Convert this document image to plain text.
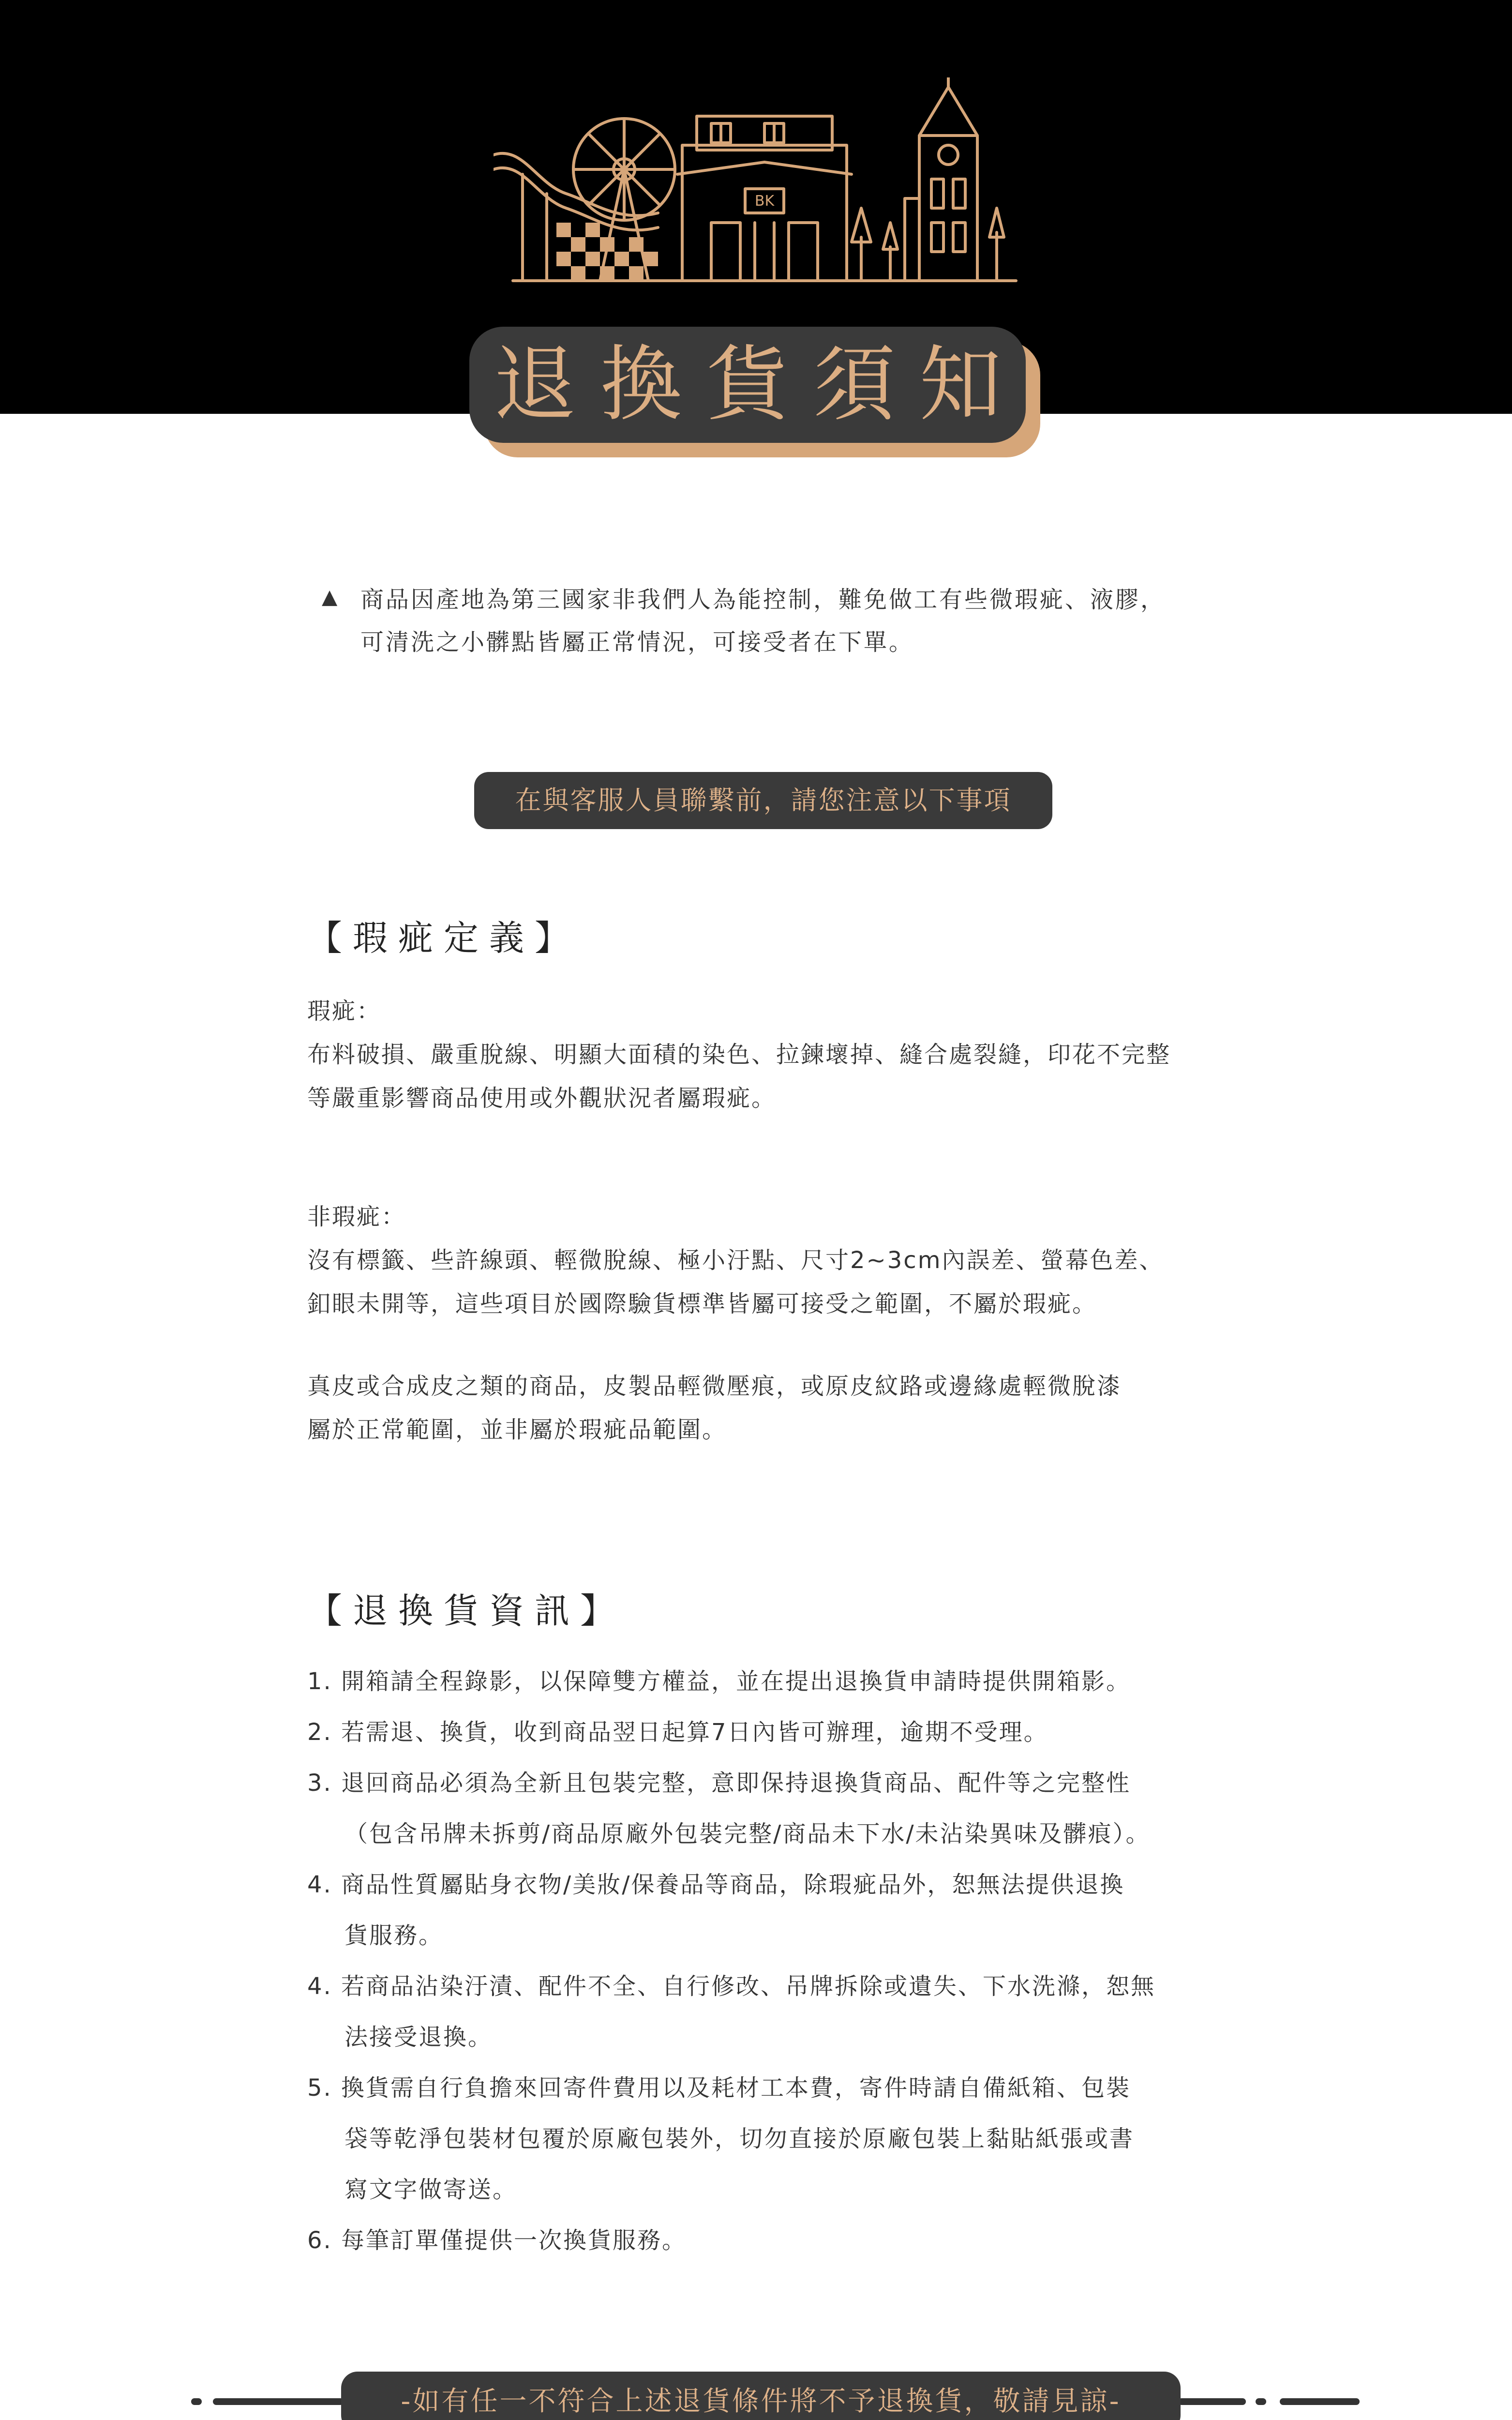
BK
退換貨須知
▲ 商品因產地為第三國家非我們人為能控制，難免做工有些微瑕疵、液膠，
可清洗之小髒點皆屬正常情況，可接受者在下單。
在與客服人員聯繫前，請您注意以下事項
【瑕疵定義】
瑕疵：
布料破損、嚴重脫線、明顯大面積的染色、拉鍊壞掉、縫合處裂縫，印花不完整
等嚴重影響商品使用或外觀狀況者屬瑕疵。
非瑕疵：
沒有標籤、些許線頭、輕微脫線、極小汙點、尺寸2~3cm內誤差、螢幕色差、
釦眼未開等，這些項目於國際驗貨標準皆屬可接受之範圍，不屬於瑕疵。
真皮或合成皮之類的商品，皮製品輕微壓痕，或原皮紋路或邊緣處輕微脫漆
屬於正常範圍，並非屬於瑕疵品範圍。
【退換貨資訊】
1. 開箱請全程錄影，以保障雙方權益，並在提出退換貨申請時提供開箱影。
2. 若需退、換貨，收到商品翌日起算7日內皆可辦理，逾期不受理。
3. 退回商品必須為全新且包裝完整，意即保持退換貨商品、配件等之完整性
（包含吊牌未拆剪/商品原廠外包裝完整/商品未下水/未沾染異味及髒痕）。
4. 商品性質屬貼身衣物/美妝/保養品等商品，除瑕疵品外，恕無法提供退換
貨服務。
4. 若商品沾染汙漬、配件不全、自行修改、吊牌拆除或遺失、下水洗滌，恕無
法接受退換。
5. 換貨需自行負擔來回寄件費用以及耗材工本費，寄件時請自備紙箱、包裝
袋等乾淨包裝材包覆於原廠包裝外，切勿直接於原廠包裝上黏貼紙張或書
寫文字做寄送。
6. 每筆訂單僅提供一次換貨服務。
-如有任一不符合上述退貨條件將不予退換貨，敬請見諒-
